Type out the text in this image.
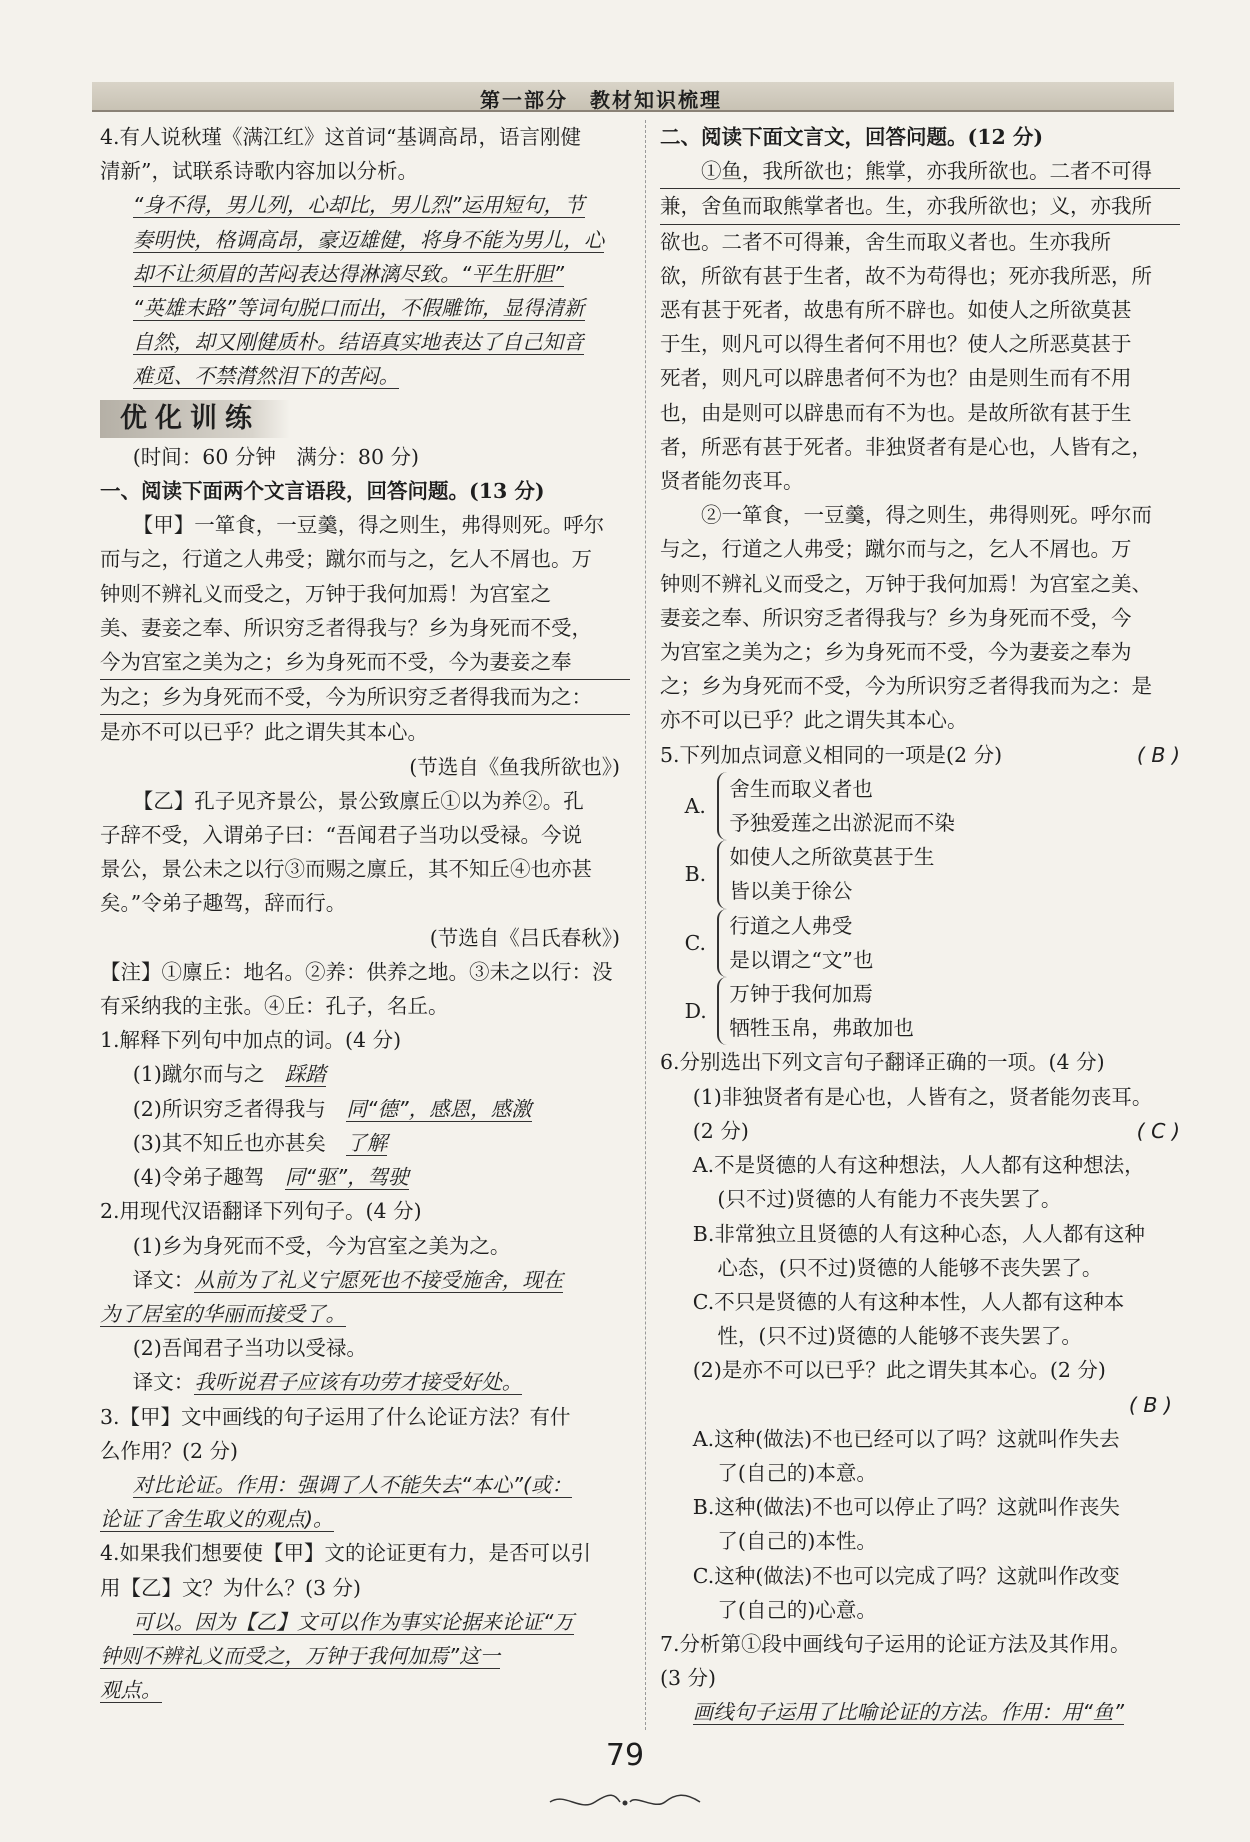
第一部分　教材知识梳理

4.有人说秋瑾《满江红》这首词“基调高昂，语言刚健

清新”，试联系诗歌内容加以分析。

“身不得，男儿列，心却比，男儿烈”运用短句，节

奏明快，格调高昂，豪迈雄健，将身不能为男儿，心

却不让须眉的苦闷表达得淋漓尽致。“平生肝胆”

“英雄末路”等词句脱口而出，不假雕饰，显得清新

自然，却又刚健质朴。结语真实地表达了自己知音

难觅、不禁潸然泪下的苦闷。

优化训练

(时间：60 分钟　满分：80 分)

一、阅读下面两个文言语段，回答问题。(13 分)

【甲】一箪食，一豆羹，得之则生，弗得则死。呼尔

而与之，行道之人弗受；蹴尔而与之，乞人不屑也。万

钟则不辨礼义而受之，万钟于我何加焉！为宫室之

美、妻妾之奉、所识穷乏者得我与？乡为身死而不受，

今为宫室之美为之；乡为身死而不受，今为妻妾之奉

为之；乡为身死而不受，今为所识穷乏者得我而为之：

是亦不可以已乎？此之谓失其本心。

(节选自《鱼我所欲也》)

【乙】孔子见齐景公，景公致廪丘①以为养②。孔

子辞不受，入谓弟子曰：“吾闻君子当功以受禄。今说

景公，景公未之以行③而赐之廪丘，其不知丘④也亦甚

矣。”令弟子趣驾，辞而行。

(节选自《吕氏春秋》)

【注】①廪丘：地名。②养：供养之地。③未之以行：没

有采纳我的主张。④丘：孔子，名丘。

1.解释下列句中加点的词。(4 分)

(1)蹴尔而与之　 踩踏

(2)所识穷乏者得我与　 同“德”，感恩，感激

(3)其不知丘也亦甚矣　 了解

(4)令弟子趣驾　 同“驱”，驾驶

2.用现代汉语翻译下列句子。(4 分)

(1)乡为身死而不受，今为宫室之美为之。

译文：从前为了礼义宁愿死也不接受施舍，现在

为了居室的华丽而接受了。

(2)吾闻君子当功以受禄。

译文：我听说君子应该有功劳才接受好处。

3.【甲】文中画线的句子运用了什么论证方法？有什

么作用？(2 分)

对比论证。作用：强调了人不能失去“本心”(或：

论证了舍生取义的观点)。

4.如果我们想要使【甲】文的论证更有力，是否可以引

用【乙】文？为什么？(3 分)

可以。因为【乙】文可以作为事实论据来论证“万

钟则不辨礼义而受之，万钟于我何加焉”这一

观点。

二、阅读下面文言文，回答问题。(12 分)

①鱼，我所欲也；熊掌，亦我所欲也。二者不可得

兼，舍鱼而取熊掌者也。生，亦我所欲也；义，亦我所

欲也。二者不可得兼，舍生而取义者也。生亦我所

欲，所欲有甚于生者，故不为苟得也；死亦我所恶，所

恶有甚于死者，故患有所不辟也。如使人之所欲莫甚

于生，则凡可以得生者何不用也？使人之所恶莫甚于

死者，则凡可以辟患者何不为也？由是则生而有不用

也，由是则可以辟患而有不为也。是故所欲有甚于生

者，所恶有甚于死者。非独贤者有是心也，人皆有之，

贤者能勿丧耳。

②一箪食，一豆羹，得之则生，弗得则死。呼尔而

与之，行道之人弗受；蹴尔而与之，乞人不屑也。万

钟则不辨礼义而受之，万钟于我何加焉！为宫室之美、

妻妾之奉、所识穷乏者得我与？乡为身死而不受，今

为宫室之美为之；乡为身死而不受，今为妻妾之奉为

之；乡为身死而不受，今为所识穷乏者得我而为之：是

亦不可以已乎？此之谓失其本心。

5.下列加点词意义相同的一项是(2 分)	( B )

A.

舍生而取义者也

予独爱莲之出淤泥而不染

B.

如使人之所欲莫甚于生

皆以美于徐公

C.

行道之人弗受

是以谓之“文”也

D.

万钟于我何加焉

牺牲玉帛，弗敢加也

6.分别选出下列文言句子翻译正确的一项。(4 分)

(1)非独贤者有是心也，人皆有之，贤者能勿丧耳。

(2 分)	( C )

A.不是贤德的人有这种想法，人人都有这种想法，

(只不过)贤德的人有能力不丧失罢了。

B.非常独立且贤德的人有这种心态，人人都有这种

心态，(只不过)贤德的人能够不丧失罢了。

C.不只是贤德的人有这种本性，人人都有这种本

性，(只不过)贤德的人能够不丧失罢了。

(2)是亦不可以已乎？此之谓失其本心。(2 分)

( B )

A.这种(做法)不也已经可以了吗？这就叫作失去

了(自己的)本意。

B.这种(做法)不也可以停止了吗？这就叫作丧失

了(自己的)本性。

C.这种(做法)不也可以完成了吗？这就叫作改变

了(自己的)心意。

7.分析第①段中画线句子运用的论证方法及其作用。

(3 分)

画线句子运用了比喻论证的方法。作用：用“鱼”

79
